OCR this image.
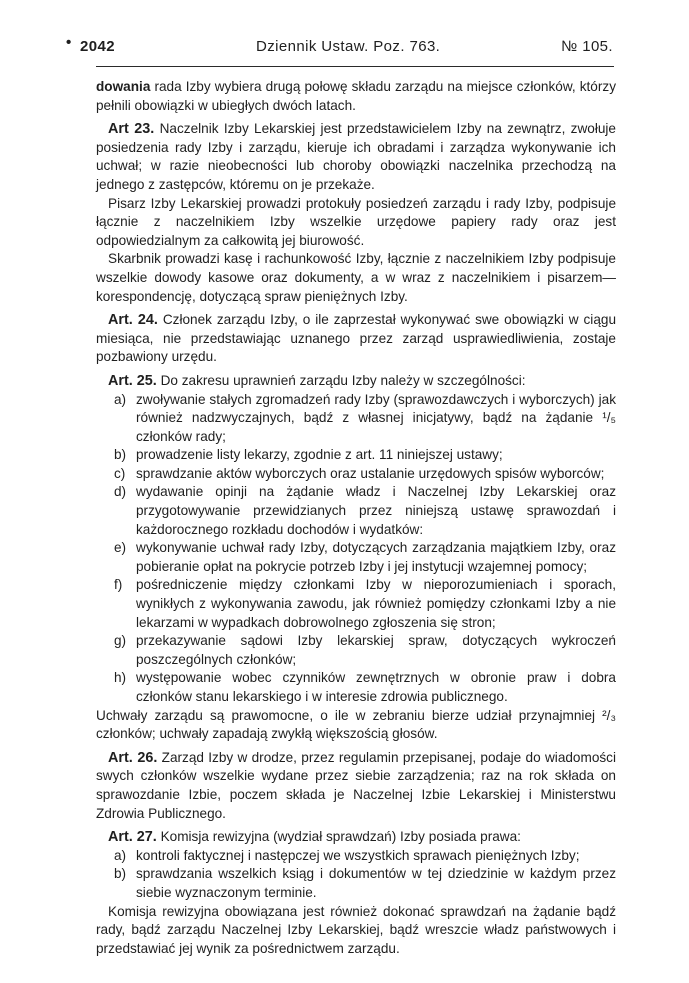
• 2042	Dziennik Ustaw. Poz. 763.	№ 105.

dowania rada Izby wybiera drugą połowę składu zarządu na miejsce członków, którzy pełnili obowiązki w ubiegłych dwóch latach.

Art 23. Naczelnik Izby Lekarskiej jest przedstawicielem Izby na zewnątrz, zwołuje posiedzenia rady Izby i zarządu, kieruje ich obradami i zarządza wykonywanie ich uchwał; w razie nieobecności lub choroby obowiązki naczelnika przechodzą na jednego z zastępców, któremu on je przekaże.

Pisarz Izby Lekarskiej prowadzi protokuły posiedzeń zarządu i rady Izby, podpisuje łącznie z naczelnikiem Izby wszelkie urzędowe papiery rady oraz jest odpowiedzialnym za całkowitą jej biurowość.

Skarbnik prowadzi kasę i rachunkowość Izby, łącznie z naczelnikiem Izby podpisuje wszelkie dowody kasowe oraz dokumenty, a w wraz z naczelnikiem i pisarzem—korespondencję, dotyczącą spraw pieniężnych Izby.

Art. 24. Członek zarządu Izby, o ile zaprzestał wykonywać swe obowiązki w ciągu miesiąca, nie przedstawiając uznanego przez zarząd usprawiedliwienia, zostaje pozbawiony urzędu.

Art. 25. Do zakresu uprawnień zarządu Izby należy w szczególności:

a) zwoływanie stałych zgromadzeń rady Izby (sprawozdawczych i wyborczych) jak również nadzwyczajnych, bądź z własnej inicjatywy, bądź na żądanie ¹/₅ członków rady;
b) prowadzenie listy lekarzy, zgodnie z art. 11 niniejszej ustawy;
c) sprawdzanie aktów wyborczych oraz ustalanie urzędowych spisów wyborców;
d) wydawanie opinji na żądanie władz i Naczelnej Izby Lekarskiej oraz przygotowywanie przewidzianych przez niniejszą ustawę sprawozdań i każdorocznego rozkładu dochodów i wydatków:
e) wykonywanie uchwał rady Izby, dotyczących zarządzania majątkiem Izby, oraz pobieranie opłat na pokrycie potrzeb Izby i jej instytucji wzajemnej pomocy;
f) pośredniczenie między członkami Izby w nieporozumieniach i sporach, wynikłych z wykonywania zawodu, jak również pomiędzy członkami Izby a nie lekarzami w wypadkach dobrowolnego zgłoszenia się stron;
g) przekazywanie sądowi Izby lekarskiej spraw, dotyczących wykroczeń poszczególnych członków;
h) występowanie wobec czynników zewnętrznych w obronie praw i dobra członków stanu lekarskiego i w interesie zdrowia publicznego.

Uchwały zarządu są prawomocne, o ile w zebraniu bierze udział przynajmniej ²/₃ członków; uchwały zapadają zwykłą większością głosów.

Art. 26. Zarząd Izby w drodze, przez regulamin przepisanej, podaje do wiadomości swych członków wszelkie wydane przez siebie zarządzenia; raz na rok składa on sprawozdanie Izbie, poczem składa je Naczelnej Izbie Lekarskiej i Ministerstwu Zdrowia Publicznego.

Art. 27. Komisja rewizyjna (wydział sprawdzań) Izby posiada prawa:

a) kontroli faktycznej i następczej we wszystkich sprawach pieniężnych Izby;
b) sprawdzania wszelkich ksiąg i dokumentów w tej dziedzinie w każdym przez siebie wyznaczonym terminie.

Komisja rewizyjna obowiązana jest również dokonać sprawdzań na żądanie bądź rady, bądź zarządu Naczelnej Izby Lekarskiej, bądź wreszcie władz państwowych i przedstawiać jej wynik za pośrednictwem zarządu.
